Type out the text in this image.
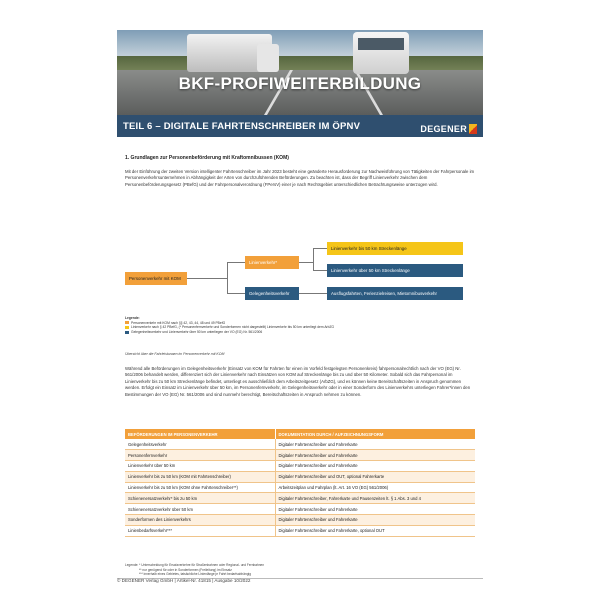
BKF-PROFIWEITERBILDUNG
TEIL 6 – DIGITALE FAHRTENSCHREIBER IM ÖPNV	DEGENER
1. Grundlagen zur Personenbeförderung mit Kraftomnibussen (KOM)
Mit der Einführung der zweiten Version intelligenter Fahrtenschreiber im Jahr 2023 besteht eine geänderte Herausforderung zur Nachweisführung von Tätigkeiten der Fahrpersonale im Personenverkehrsunternehmen in Abhängigkeit der Arten von durchzuführenden Beförderungen. Zu beachten ist, dass der Begriff Linienverkehr zwischen dem Personenbeförderungsgesetz (PBefG) und der Fahrpersonalverordnung (FPersV) einer je nach Rechtsgebiet unterschiedlichen Betrachtungsweise unterzogen wird.
Personenverkehr mit KOM
Linienverkehr*
Gelegenheitsverkehr
Linienverkehr bis 50 km Streckenlänge
Linienverkehr über 50 km Streckenlänge
Ausflugsfahrten, Ferienzielreisen, Mietomnibusverkehr
Legende:
Personenverkehr mit KOM nach §§ 42, 43, 44, 48 und 49 PBefG
Linienverkehr nach § 42 PBefG, (* Personenfernverkehr und Sonderformen nicht dargestellt) Linienverkehr bis 50 km unterliegt dem ArbZG
Gelegenheitsverkehr und Linienverkehr über 50 km unterliegen der VO (EG) Nr. 561/2006
Übersicht über die Fahrleistunaen im Personenverkehr mit KOM
Während alle Beförderungen im Gelegenheitsverkehr (Einsatz von KOM für Fahrten für einen im Vorfeld festgelegten Personenkreis) fahrpersonalrechtlich nach der VO (EG) Nr. 561/2006 behandelt werden, differenziert sich der Linienverkehr nach Einsätzen von KOM auf Streckenlänge bis zu und über 50 Kilometer. Sobald sich das Fahrpersonal im Linienverkehr bis zu 50 km Streckenlänge befindet, unterliegt es ausschließlich dem Arbeitszeitgesetz (ArbZG), und es können keine Bereitschaftszeiten in Anspruch genommen werden. Erfolgt ein Einsatz im Linienverkehr über 50 km, im Personenfernverkehr, im Gelegenheitsverkehr oder in einer Sonderform des Linienverkehrs unterliegen Fahrer*innen den Bestimmungen der VO (EG) Nr. 561/2006 und sind nunmehr berechtigt, Bereitschaftszeiten in Anspruch nehmen zu können.
BEFÖRDERUNGEN IM PERSONENVERKEHR	DOKUMENTATION DURCH / AUFZEICHNUNGSFORM
Gelegenheitsverkehr	Digitaler Fahrtenschreiber und Fahrerkarte
Personenfernverkehr	Digitaler Fahrtenschreiber und Fahrerkarte
Linienverkehr über 50 km	Digitaler Fahrtenschreiber und Fahrerkarte
Linienverkehr bis zu 50 km (KOM mit Fahrtenschreiber)	Digitaler Fahrtenschreiber und OUT, optional Fahrerkarte
Linienverkehr bis zu 50 km (KOM ohne Fahrtenschreiber**)	Arbeitszeitplan und Fahrplan (lt. Art. 16 VO (EG) 561/2006)
Schienenersatzverkehr* bis zu 50 km	Digitaler Fahrtenschreiber, Fahrerkarte und Pausenzeiten lt. § 1 Abs. 3 und 4
Schienenersatzverkehr über 50 km	Digitaler Fahrtenschreiber und Fahrerkarte
Sonderformen des Linienverkehrs	Digitaler Fahrtenschreiber und Fahrerkarte
Linienbedarfsverkehr***	Digitaler Fahrtenschreiber und Fahrerkarte, optional OUT
Legende: * Unterscheidung für Ersatzverkehre für Straßenbahnen oder Regional- und Fernbahnen
** nur genügend für oder in Sonderformen (Freileitung) im Einsatz
*** innerhalb eines Gebietes, tatsächliche Linienlänge je Fahrt bedarfsabhängig
© DEGENER Verlag GmbH | Artikel-Nr. 41815 | Ausgabe 10/2022
